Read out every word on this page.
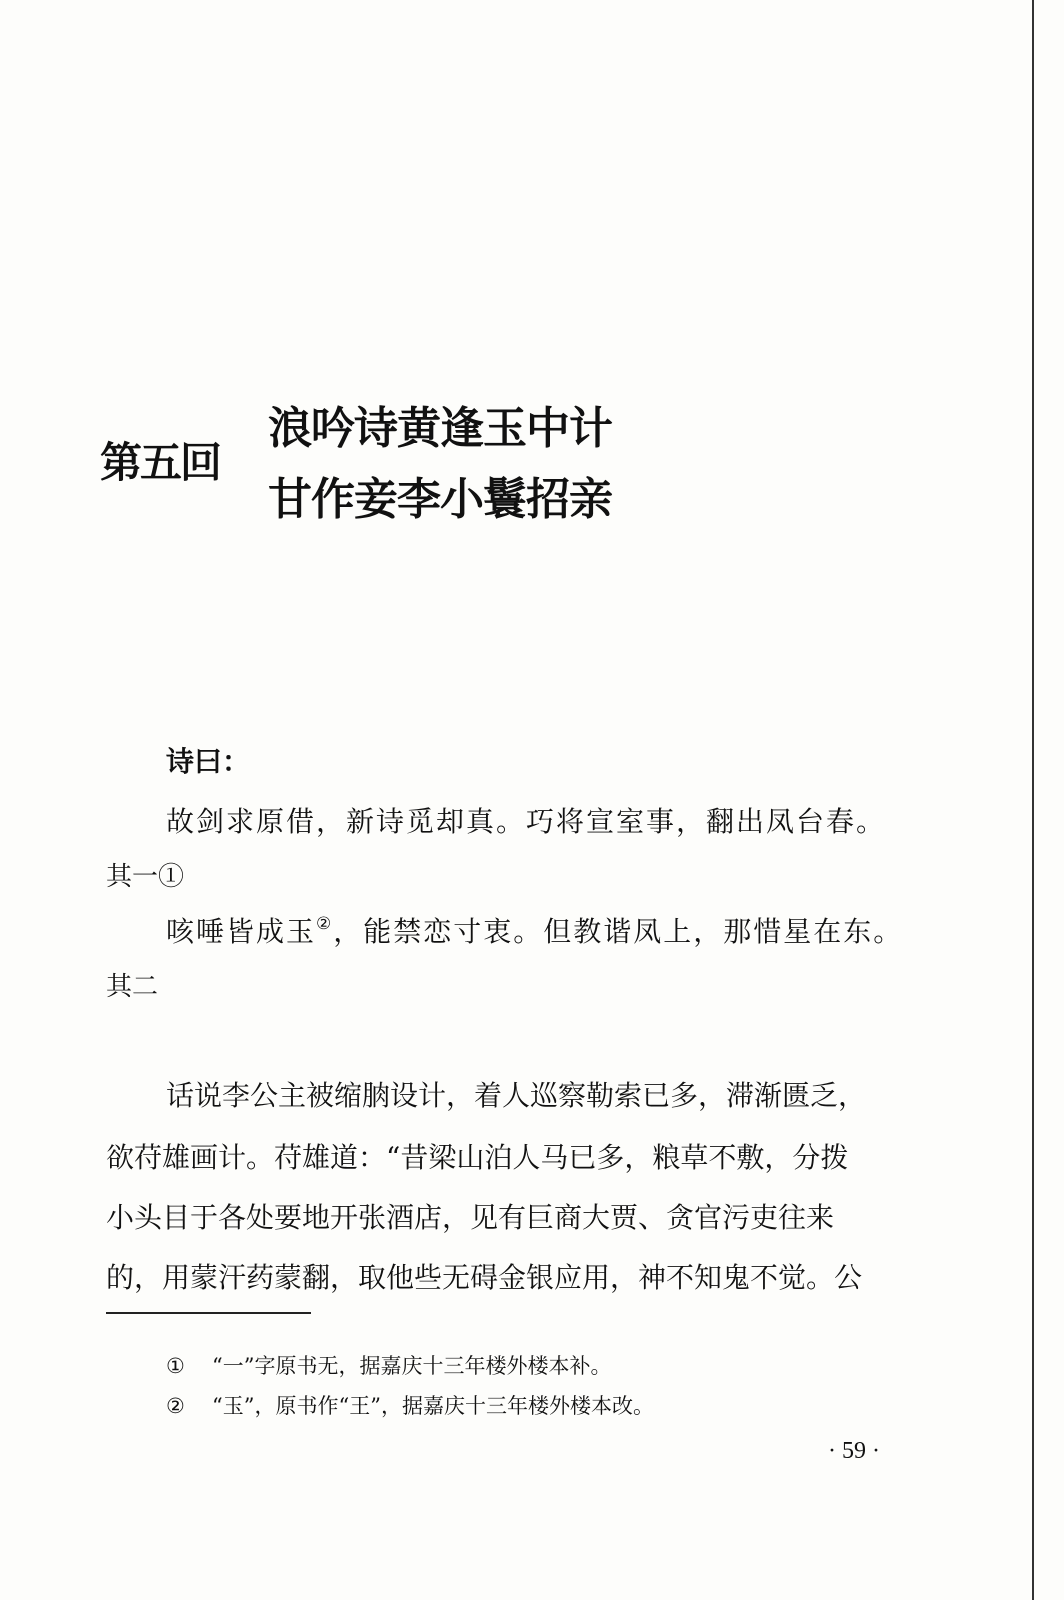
第五回
浪吟诗黄逢玉中计
甘作妾李小鬟招亲
诗曰：
故剑求原借，新诗觅却真。巧将宣室事，翻出凤台春。
其一①
咳唾皆成玉②，能禁恋寸衷。但教谐凤上，那惜星在东。
其二
话说李公主被缩朒设计，着人巡察勒索已多，滞渐匮乏，
欲苻雄画计。苻雄道：“昔梁山泊人马已多，粮草不敷，分拨
小头目于各处要地开张酒店，见有巨商大贾、贪官污吏往来
的，用蒙汗药蒙翻，取他些无碍金银应用，神不知鬼不觉。公
① “一”字原书无，据嘉庆十三年楼外楼本补。
② “玉”，原书作“王”，据嘉庆十三年楼外楼本改。
· 59 ·
